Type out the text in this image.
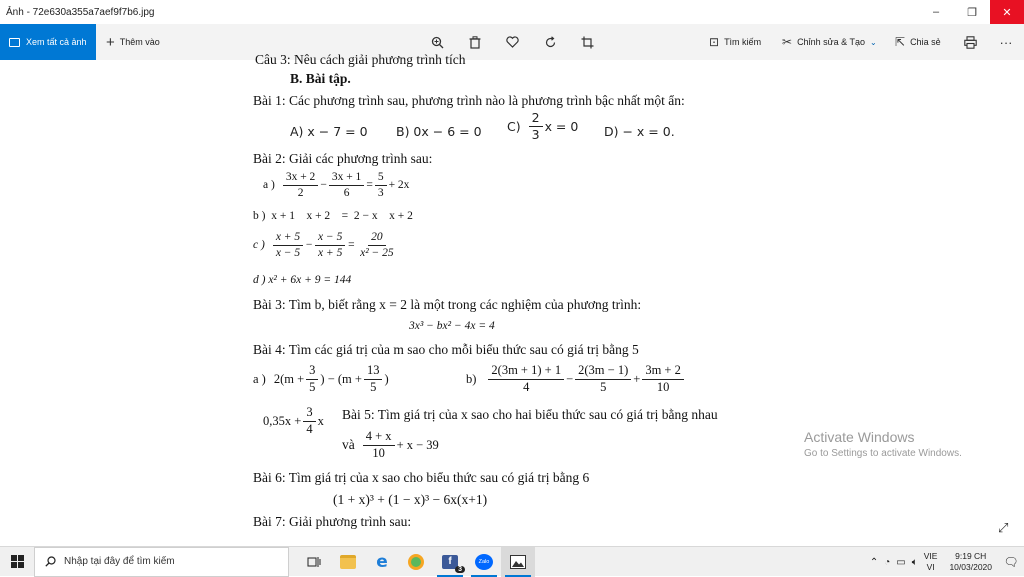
Ảnh - 72e630a355a7aef9f7b6.jpg	–	❐	✕
Xem tất cả ảnh + Thêm vào	⊡ Tìm kiếm ✂ Chỉnh sửa & Tạo ⌄ ⇱ Chia sẻ	···
Câu 3: Nêu cách giải phương trình tích
B. Bài tập.
Bài 1: Các phương trình sau, phương trình nào là phương trình bậc nhất một ẩn:
A) x − 7 = 0 B) 0x − 6 = 0 $C) \frac{2}{3}$ x = 0 D) − x = 0.
Bài 2: Giải các phương trình sau:
a ) $\frac{3x + 2}{2} - \frac{3x + 1}{6} = \frac{5}{3} + 2x$
b )  x + 1    x + 2    =  2 − x    x + 2
c ) $\frac{x + 5}{x - 5} - \frac{x - 5}{x + 5} = \frac{20}{\text{x² − 25}}$
d ) x² + 6x + 9 = 144
Bài 3: Tìm b, biết rằng x = 2 là một trong các nghiệm của phương trình:
3x³ − bx² − 4x = 4
Bài 4: Tìm các giá trị của m sao cho mỗi biểu thức sau có giá trị bằng 5
a ) $2(m + \frac{3}{5}$ ) − ($m + \frac{13}{5}$ )	$b) \frac{2(3m + 1) + 1}{4} - \frac{2(3m - 1)}{5} + \frac{3m + 2}{10}$
$0,35x + \frac{3}{4}$ x Bài 5: Tìm giá trị của x sao cho hai biểu thức sau có giá trị bằng nhau
và $\frac{4 + x}{10} + x - 39$
Bài 6: Tìm giá trị của x sao cho biểu thức sau có giá trị bằng 6
(1 + x)³ + (1 − x)³ − 6x(x+1)
Bài 7: Giải phương trình sau:
Activate Windows
Go to Settings to activate Windows.
⤢
Nhập tại đây để tìm kiếm	e	f
3
Zalo	⌃ ◔ ▭ 🔈︎
VIE
VI
9:19 CH
10/03/2020 🗨︎
